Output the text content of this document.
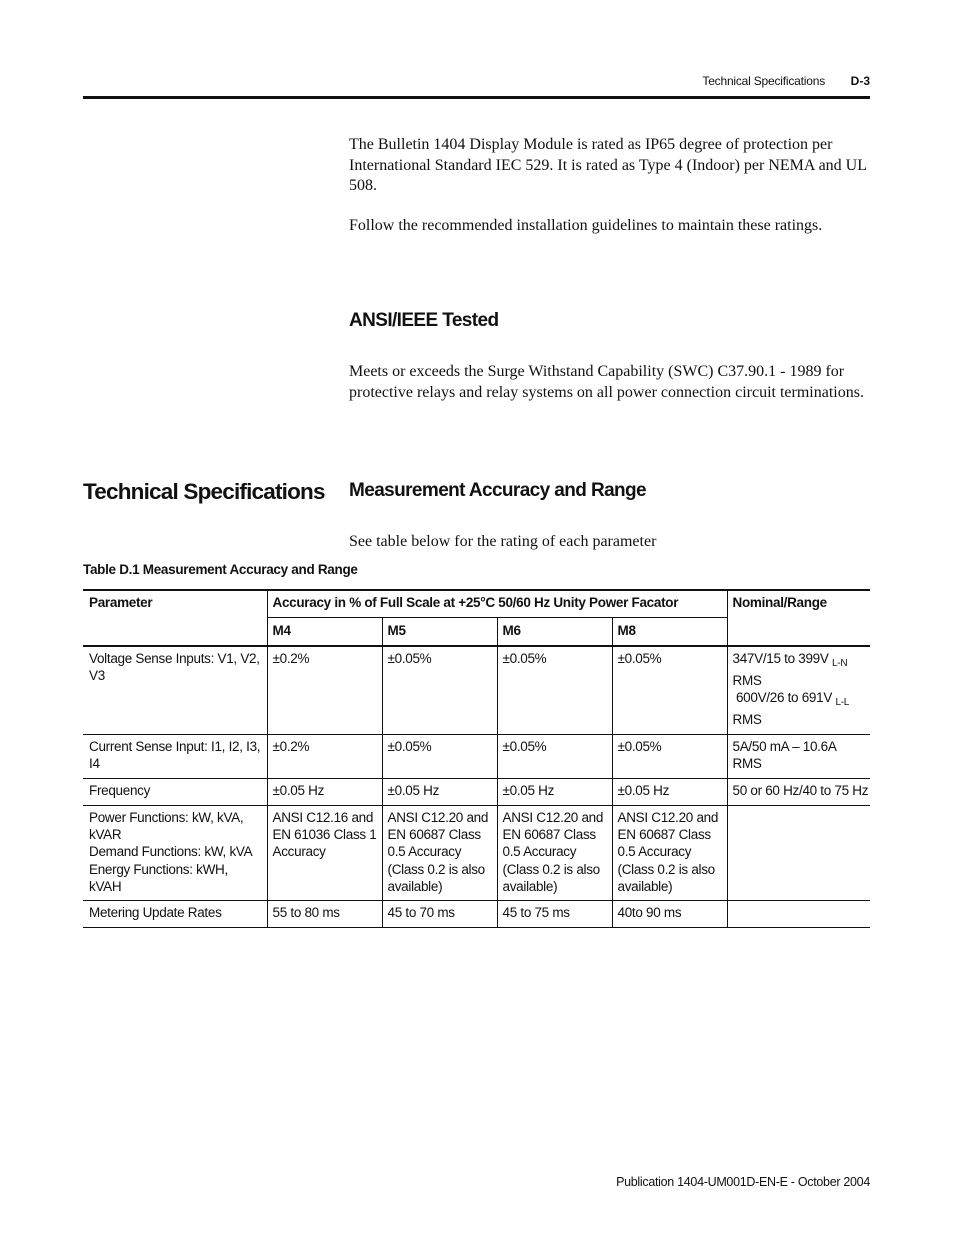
Technical Specifications D-3
The Bulletin 1404 Display Module is rated as IP65 degree of protection per International Standard IEC 529. It is rated as Type 4 (Indoor) per NEMA and UL 508.
Follow the recommended installation guidelines to maintain these ratings.
ANSI/IEEE Tested
Meets or exceeds the Surge Withstand Capability (SWC) C37.90.1 - 1989 for protective relays and relay systems on all power connection circuit terminations.
Technical Specifications Measurement Accuracy and Range
See table below for the rating of each parameter
Table D.1 Measurement Accuracy and Range
Parameter	Accuracy in % of Full Scale at +25°C 50/60 Hz Unity Power Facator				Nominal/Range
	M4	M5	M6	M8	
Voltage Sense Inputs: V1, V2, V3	±0.2%	±0.05%	±0.05%	±0.05%	347V/15 to 399V $_{L-N}$
RMS
600V/26 to 691V $_{L-L}$
RMS
Current Sense Input: I1, I2, I3, I4	±0.2%	±0.05%	±0.05%	±0.05%	5A/50 mA – 10.6A RMS
Frequency	±0.05 Hz	±0.05 Hz	±0.05 Hz	±0.05 Hz	50 or 60 Hz/40 to 75 Hz
Power Functions: kW, kVA, kVAR
Demand Functions: kW, kVA
Energy Functions: kWH, kVAH	ANSI C12.16 and EN 61036 Class 1 Accuracy	ANSI C12.20 and EN 60687 Class 0.5 Accuracy (Class 0.2 is also available)	ANSI C12.20 and EN 60687 Class 0.5 Accuracy (Class 0.2 is also available)	ANSI C12.20 and EN 60687 Class 0.5 Accuracy (Class 0.2 is also available)	
Metering Update Rates	55 to 80 ms	45 to 70 ms	45 to 75 ms	40to 90 ms	
Publication 1404-UM001D-EN-E - October 2004
